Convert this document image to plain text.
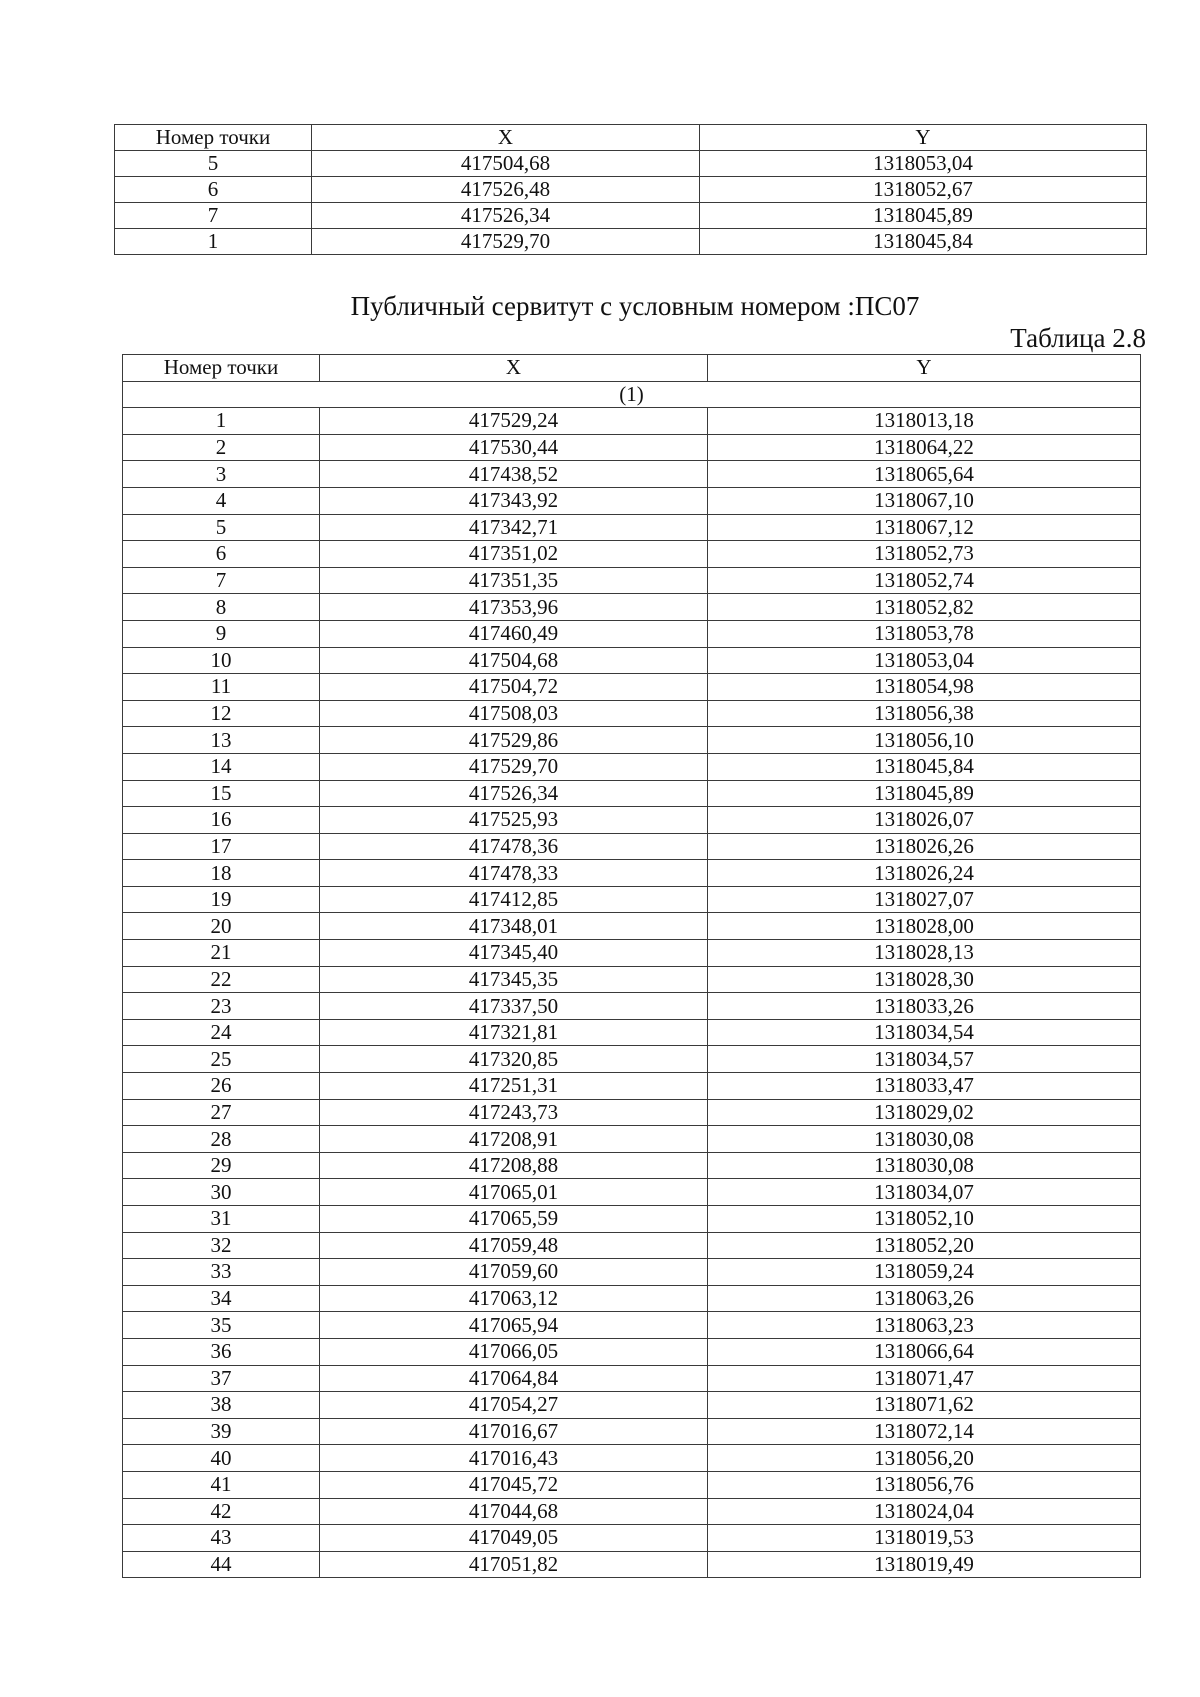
Номер точки	X	Y
5	417504,68	1318053,04
6	417526,48	1318052,67
7	417526,34	1318045,89
1	417529,70	1318045,84
Публичный сервитут с условным номером :ПС07
Таблица 2.8
Номер точки	X	Y
(1)		
1	417529,24	1318013,18
2	417530,44	1318064,22
3	417438,52	1318065,64
4	417343,92	1318067,10
5	417342,71	1318067,12
6	417351,02	1318052,73
7	417351,35	1318052,74
8	417353,96	1318052,82
9	417460,49	1318053,78
10	417504,68	1318053,04
11	417504,72	1318054,98
12	417508,03	1318056,38
13	417529,86	1318056,10
14	417529,70	1318045,84
15	417526,34	1318045,89
16	417525,93	1318026,07
17	417478,36	1318026,26
18	417478,33	1318026,24
19	417412,85	1318027,07
20	417348,01	1318028,00
21	417345,40	1318028,13
22	417345,35	1318028,30
23	417337,50	1318033,26
24	417321,81	1318034,54
25	417320,85	1318034,57
26	417251,31	1318033,47
27	417243,73	1318029,02
28	417208,91	1318030,08
29	417208,88	1318030,08
30	417065,01	1318034,07
31	417065,59	1318052,10
32	417059,48	1318052,20
33	417059,60	1318059,24
34	417063,12	1318063,26
35	417065,94	1318063,23
36	417066,05	1318066,64
37	417064,84	1318071,47
38	417054,27	1318071,62
39	417016,67	1318072,14
40	417016,43	1318056,20
41	417045,72	1318056,76
42	417044,68	1318024,04
43	417049,05	1318019,53
44	417051,82	1318019,49
